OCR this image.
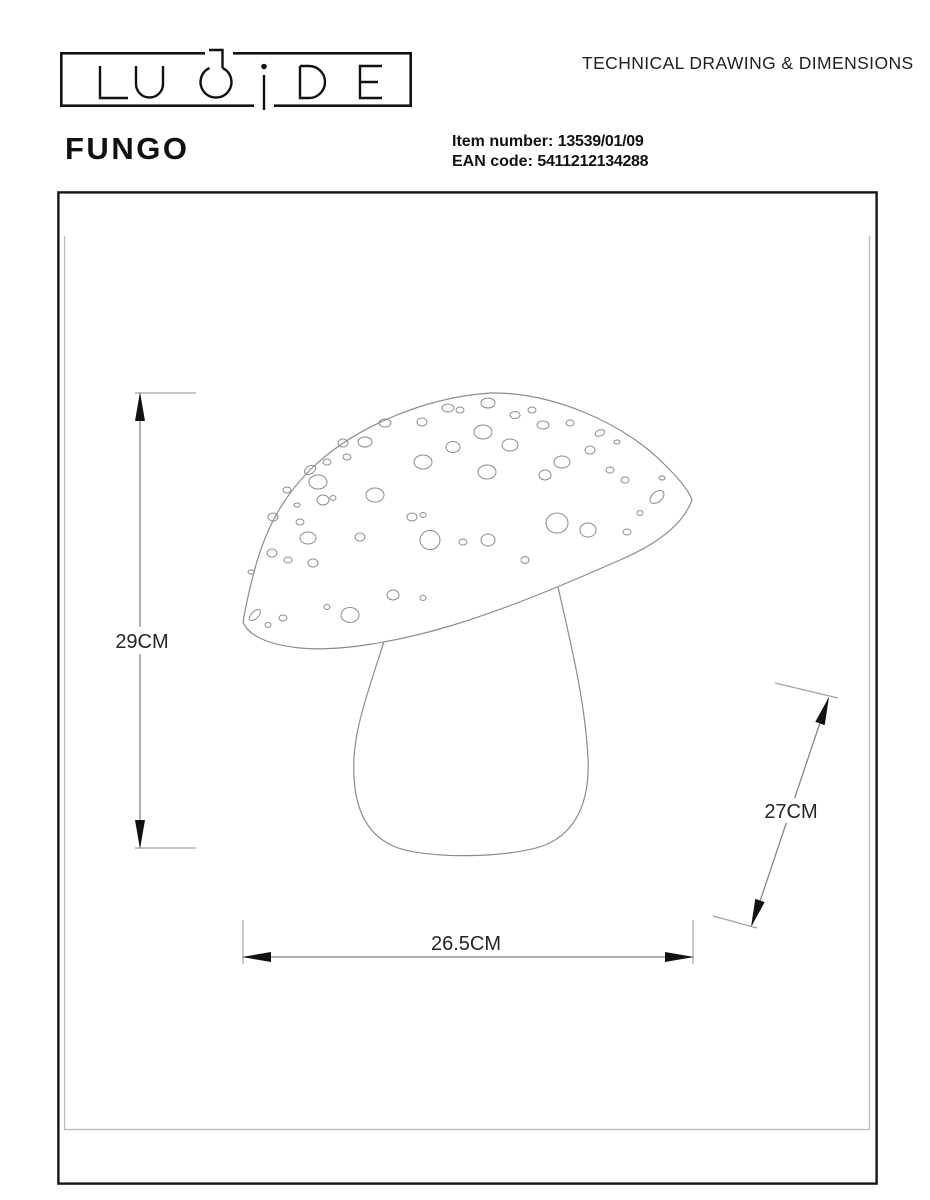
TECHNICAL DRAWING & DIMENSIONS
FUNGO	Item number: 13539/01/09
EAN code: 5411212134288
29CM
26.5CM
27CM
